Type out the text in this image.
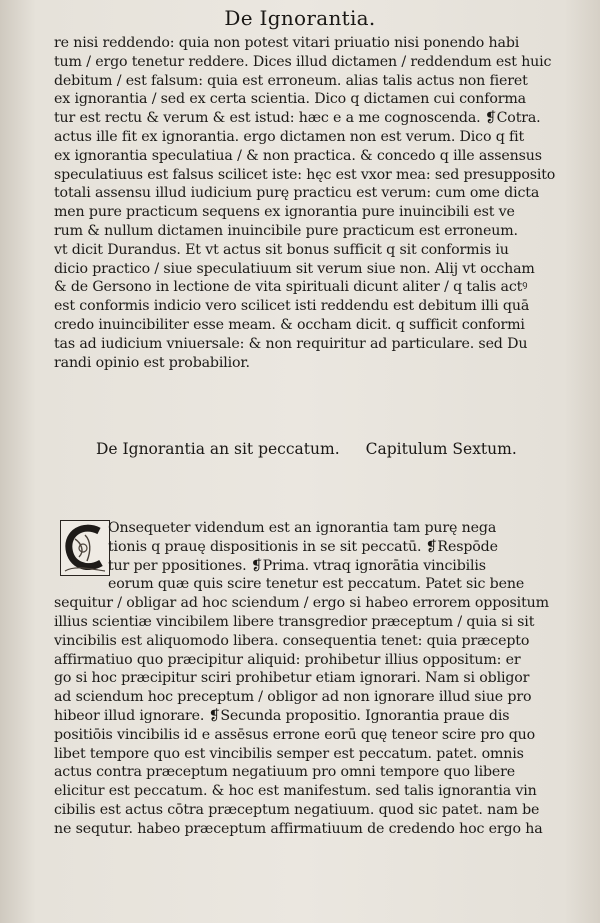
De Ignorantia.
re nisi reddendo: quia non potest vitari priuatio nisi ponendo habi
tum / ergo tenetur reddere. Dices illud dictamen / reddendum est huic
debitum / est falsum: quia est erroneum. alias talis actus non fieret
ex ignorantia / sed ex certa scientia. Dico q dictamen cui conforma
tur est rectu & verum & est istud: hæc e a me cognoscenda. ❡Cotra.
actus ille fit ex ignorantia. ergo dictamen non est verum. Dico q fit
ex ignorantia speculatiua / & non practica. & concedo q ille assensus
speculatiuus est falsus scilicet iste: hęc est vxor mea: sed presupposito
totali assensu illud iudicium purę practicu est verum: cum ome dicta
men pure practicum sequens ex ignorantia pure inuincibili est ve
rum & nullum dictamen inuincibile pure practicum est erroneum.
vt dicit Durandus. Et vt actus sit bonus sufficit q sit conformis iu
dicio practico / siue speculatiuum sit verum siue non. Alij vt occham
& de Gersono in lectione de vita spirituali dicunt aliter / q talis actꝰ
est conformis indicio vero scilicet isti reddendu est debitum illi quā
credo inuincibiliter esse meam. & occham dicit. q sufficit conformi
tas ad iudicium vniuersale: & non requiritur ad particulare. sed Du
randi opinio est probabilior.
De Ignorantia an sit peccatum. Capitulum Sextum.
Onsequeter videndum est an ignorantia tam purę nega
tionis q prauę dispositionis in se sit peccatū. ❡Respōde
tur per ppositiones. ❡Prima. vtraq ignorātia vincibilis
eorum quæ quis scire tenetur est peccatum. Patet sic bene
sequitur / obligar ad hoc sciendum / ergo si habeo errorem oppositum
illius scientiæ vincibilem libere transgredior præceptum / quia si sit
vincibilis est aliquomodo libera. consequentia tenet: quia præcepto
affirmatiuo quo præcipitur aliquid: prohibetur illius oppositum: er
go si hoc præcipitur sciri prohibetur etiam ignorari. Nam si obligor
ad sciendum hoc preceptum / obligor ad non ignorare illud siue pro
hibeor illud ignorare. ❡Secunda propositio. Ignorantia praue dis
positiōis vincibilis id e assēsus errone eorū quę teneor scire pro quo
libet tempore quo est vincibilis semper est peccatum. patet. omnis
actus contra præceptum negatiuum pro omni tempore quo libere
elicitur est peccatum. & hoc est manifestum. sed talis ignorantia vin
cibilis est actus cōtra præceptum negatiuum. quod sic patet. nam be
ne sequtur. habeo præceptum affirmatiuum de credendo hoc ergo ha
